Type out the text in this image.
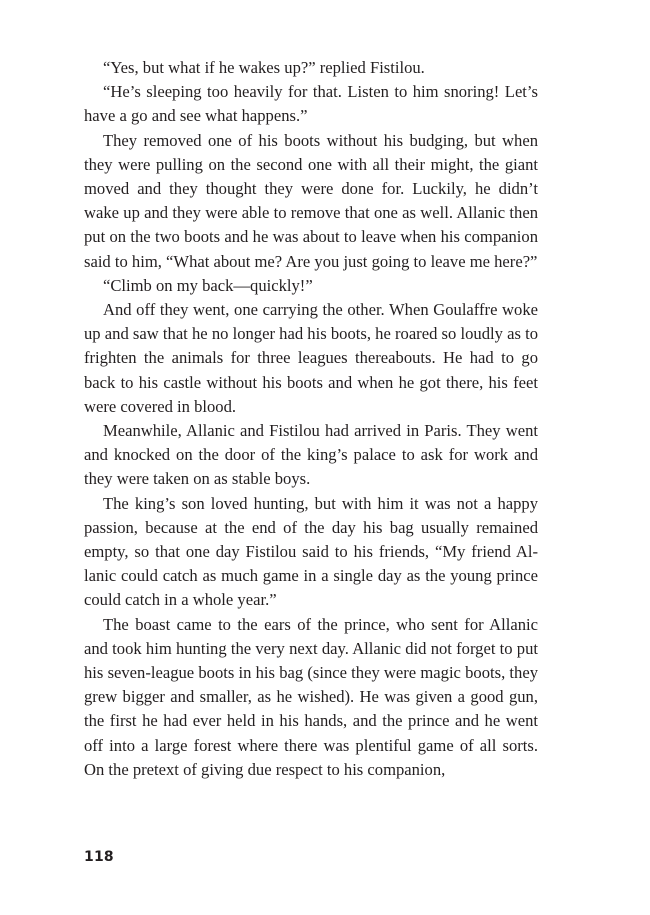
“Yes, but what if he wakes up?” replied Fistilou.

“He’s sleeping too heavily for that. Listen to him snoring! Let’s have a go and see what happens.”

They removed one of his boots without his budging, but when they were pulling on the second one with all their might, the giant moved and they thought they were done for. Luckily, he didn’t wake up and they were able to remove that one as well. Allanic then put on the two boots and he was about to leave when his companion said to him, “What about me? Are you just going to leave me here?”

“Climb on my back—quickly!”

And off they went, one carrying the other. When Goulaffre woke up and saw that he no longer had his boots, he roared so loudly as to frighten the animals for three leagues thereabouts. He had to go back to his castle without his boots and when he got there, his feet were covered in blood.

Meanwhile, Allanic and Fistilou had arrived in Paris. They went and knocked on the door of the king’s palace to ask for work and they were taken on as stable boys.

The king’s son loved hunting, but with him it was not a happy passion, because at the end of the day his bag usually remained empty, so that one day Fistilou said to his friends, “My friend Allanic could catch as much game in a single day as the young prince could catch in a whole year.”

The boast came to the ears of the prince, who sent for Allanic and took him hunting the very next day. Allanic did not forget to put his seven-league boots in his bag (since they were magic boots, they grew bigger and smaller, as he wished). He was given a good gun, the first he had ever held in his hands, and the prince and he went off into a large forest where there was plentiful game of all sorts. On the pretext of giving due respect to his companion,

118
